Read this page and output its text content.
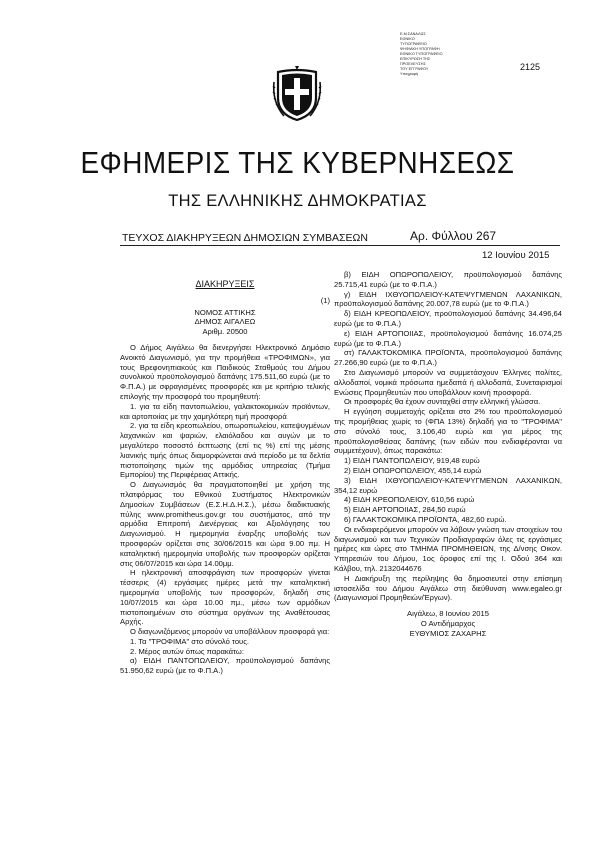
Ε.Μ.ΣΑΝΑΛΩΣ
ΕΘΝΙΚΟ
ΤΥΠΟΓΡΑΦΕΙΟ
ΨΗΦΙΑΚΗ ΥΠΟΓΡΑΦΗ
ΕΘΝΙΚΟ ΤΥΠΟΓΡΑΦΕΙΟ
ΕΠΙΚΥΡΩΣΗ ΤΗΣ
ΠΡΟΕΛΕΥΣΗΣ
ΤΟΥ ΕΓΓΡΑΦΟΥ
Υπογραφή
2125
ΕΦΗΜΕΡΙΣ ΤΗΣ ΚΥΒΕΡΝΗΣΕΩΣ
ΤΗΣ ΕΛΛΗΝΙΚΗΣ ΔΗΜΟΚΡΑΤΙΑΣ
ΤΕΥΧΟΣ ΔΙΑΚΗΡΥΞΕΩΝ ΔΗΜΟΣΙΩΝ ΣΥΜΒΑΣΕΩΝ	Αρ. Φύλλου 267
12 Ιουνίου 2015
ΔΙΑΚΗΡΥΞΕΙΣ
(1)
ΝΟΜΟΣ ΑΤΤΙΚΗΣ
ΔΗΜΟΣ ΑΙΓΑΛΕΩ
Αριθμ. 20500

Ο Δήμος Αιγάλεω θα διενεργήσει Ηλεκτρονικό Δημόσιο Ανοικτό Διαγωνισμό, για την προμήθεια «ΤΡΟΦΙΜΩΝ», για τους Βρεφονηπιακούς και Παιδικούς Σταθμούς του Δήμου συνολικού προϋπολογισμού δαπάνης 175.511,60 ευρώ (με το Φ.Π.Α.) με σφραγισμένες προσφορές και με κριτήριο τελικής επιλογής την προσφορά του προμηθευτή:

1. για τα είδη παντοπωλείου, γαλακτοκομικών προϊόντων, και αρτοποιίας με την χαμηλότερη τιμή προσφορά

2. για τα είδη κρεοπωλείου, οπωροπωλείου, κατεψυγμένων λαχανικών και ψαριών, ελαιόλαδου και αυγών με το μεγαλύτερο ποσοστό έκπτωσης (επί τις %) επί της μέσης λιανικής τιμής όπως διαμορφώνεται ανά περίοδο με τα δελτία πιστοποίησης τιμών της αρμόδιας υπηρεσίας (Τμήμα Εμπορίου) της Περιφέρειας Αττικής.

Ο Διαγωνισμός θα πραγματοποιηθεί με χρήση της πλατφόρμας του Εθνικού Συστήματος Ηλεκτρονικών Δημοσίων Συμβάσεων (Ε.Σ.Η.Δ.Η.Σ.), μέσω διαδικτυακής πύλης www.promitheus.gov.gr του συστήματος, από την αρμόδια Επιτροπή Διενέργειας και Αξιολόγησης του Διαγωνισμού. Η ημερομηνία έναρξης υποβολής των προσφορών ορίζεται στις 30/06/2015 και ώρα 9.00 πμ. Η καταληκτική ημερομηνία υποβολής των προσφορών ορίζεται στις 06/07/2015 και ώρα 14.00μμ.

Η ηλεκτρονική αποσφράγιση των προσφορών γίνεται τέσσερις (4) εργάσιμες ημέρες μετά την καταληκτική ημερομηνία υποβολής των προσφορών, δηλαδή στις 10/07/2015 και ώρα 10.00 πμ., μέσω των αρμόδιων πιστοποιημένων στο σύστημα οργάνων της Αναθέτουσας Αρχής.

Ο διαγωνιζόμενος μπορούν να υποβάλλουν προσφορά για:

1. Τα "ΤΡΟΦΙΜΑ" στο σύνολό τους.

2. Μέρος αυτών όπως παρακάτω:

α) ΕΙΔΗ ΠΑΝΤΟΠΩΛΕΙΟΥ, προϋπολογισμού δαπάνης 51.950,62 ευρώ (με το Φ.Π.Α.)

β) ΕΙΔΗ ΟΠΩΡΟΠΩΛΕΙΟΥ, προϋπολογισμού δαπάνης 25.715,41 ευρώ (με το Φ.Π.Α.)

γ) ΕΙΔΗ ΙΧΘΥΟΠΩΛΕΙΟΥ-ΚΑΤΕΨΥΓΜΕΝΩΝ ΛΑΧΑΝΙΚΩΝ, προϋπολογισμού δαπάνης 20.007,78 ευρώ (με το Φ.Π.Α.)

δ) ΕΙΔΗ ΚΡΕΟΠΩΛΕΙΟΥ, προϋπολογισμού δαπάνης 34.496,64 ευρώ (με το Φ.Π.Α.)

ε) ΕΙΔΗ ΑΡΤΟΠΟΙΙΑΣ, προϋπολογισμού δαπάνης 16.074,25 ευρώ (με το Φ.Π.Α.)

στ) ΓΑΛΑΚΤΟΚΟΜΙΚΑ ΠΡΟΪΟΝΤΑ, προϋπολογισμού δαπάνης 27.266,90 ευρώ (με το Φ.Π.Α.)

Στο Διαγωνισμό μπορούν να συμμετάσχουν Έλληνες πολίτες, αλλοδαποί, νομικά πρόσωπα ημεδαπά ή αλλοδαπά, Συνεταιρισμοί Ενώσεις Προμηθευτών που υποβάλλουν κοινή προσφορά.

Οι προσφορές θα έχουν συνταχθεί στην ελληνική γλώσσα.

Η εγγύηση συμμετοχής ορίζεται στο 2% του προϋπολογισμού της προμήθειας χωρίς το (ΦΠΑ 13%) δηλαδή για το "ΤΡΟΦΙΜΑ" στο σύνολό τους, 3.106,40 ευρώ και για μέρος της προϋπολογισθείσας δαπάνης (των ειδών που ενδιαφέρονται να συμμετέχουν), όπως παρακάτω:

1) ΕΙΔΗ ΠΑΝΤΟΠΩΛΕΙΟΥ, 919,48 ευρώ

2) ΕΙΔΗ ΟΠΩΡΟΠΩΛΕΙΟΥ, 455,14 ευρώ

3) ΕΙΔΗ ΙΧΘΥΟΠΩΛΕΙΟΥ-ΚΑΤΕΨΥΓΜΕΝΩΝ ΛΑΧΑΝΙΚΩΝ, 354,12 ευρώ

4) ΕΙΔΗ ΚΡΕΟΠΩΛΕΙΟΥ, 610,56 ευρώ

5) ΕΙΔΗ ΑΡΤΟΠΟΙΙΑΣ, 284,50 ευρώ

6) ΓΑΛΑΚΤΟΚΟΜΙΚΑ ΠΡΟΪΟΝΤΑ, 482,60 ευρώ.

Οι ενδιαφερόμενοι μπορούν να λάβουν γνώση των στοιχείων του διαγωνισμού και των Τεχνικών Προδιαγραφών όλες τις εργάσιμες ημέρες και ώρες στο ΤΜΗΜΑ ΠΡΟΜΗΘΕΙΩΝ, της Δ/νσης Οικον. Υπηρεσιών του Δήμου, 1ος όροφος επί της Ι. Οδού 364 και Κάλβου, τηλ. 2132044676

Η Διακήρυξη της περίληψης θα δημοσιευτεί στην επίσημη ιστοσελίδα του Δήμου Αιγάλεω στη διεύθυνση www.egaleo.gr (Διαγωνισμοί Προμηθειών/Έργων).

Αιγάλεω, 8 Ιουνίου 2015
Ο Αντιδήμαρχος
ΕΥΘΥΜΙΟΣ ΖΑΧΑΡΗΣ
